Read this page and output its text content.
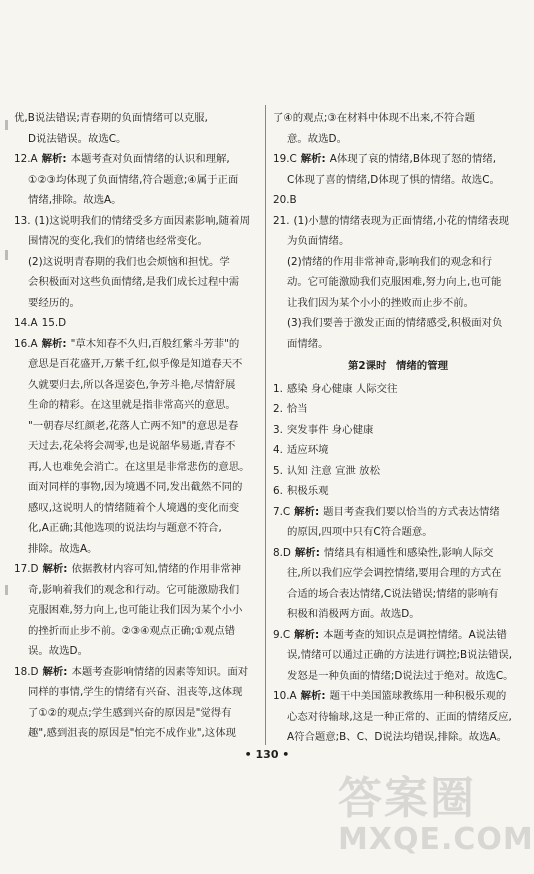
优,B说法错误;青春期的负面情绪可以克服,

D说法错误。故选C。

12.A 解析: 本题考查对负面情绪的认识和理解,

①②③均体现了负面情绪,符合题意;④属于正面

情绪,排除。故选A。

13. (1)这说明我们的情绪受多方面因素影响,随着周

围情况的变化,我们的情绪也经常变化。

(2)这说明青春期的我们也会烦恼和担忧。学

会积极面对这些负面情绪,是我们成长过程中需

要经历的。

14.A 15.D

16.A 解析: "草木知春不久归,百般红紫斗芳菲"的

意思是百花盛开,万紫千红,似乎像是知道春天不

久就要归去,所以各逞姿色,争芳斗艳,尽情舒展

生命的精彩。在这里就是指非常高兴的意思。

"一朝春尽红颜老,花落人亡两不知"的意思是春

天过去,花朵将会凋零,也是说韶华易逝,青春不

再,人也难免会消亡。在这里是非常悲伤的意思。

面对同样的事物,因为境遇不同,发出截然不同的

感叹,这说明人的情绪随着个人境遇的变化而变

化,A正确;其他选项的说法均与题意不符合,

排除。故选A。

17.D 解析: 依据教材内容可知,情绪的作用非常神

奇,影响着我们的观念和行动。它可能激励我们

克服困难,努力向上,也可能让我们因为某个小小

的挫折而止步不前。②③④观点正确;①观点错

误。故选D。

18.D 解析: 本题考查影响情绪的因素等知识。面对

同样的事情,学生的情绪有兴奋、沮丧等,这体现

了①②的观点;学生感到兴奋的原因是"觉得有

趣",感到沮丧的原因是"怕完不成作业",这体现

了④的观点;③在材料中体现不出来,不符合题

意。故选D。

19.C 解析: A体现了哀的情绪,B体现了怒的情绪,

C体现了喜的情绪,D体现了惧的情绪。故选C。

20.B

21. (1)小慧的情绪表现为正面情绪,小花的情绪表现

为负面情绪。

(2)情绪的作用非常神奇,影响我们的观念和行

动。它可能激励我们克服困难,努力向上,也可能

让我们因为某个小小的挫败而止步不前。

(3)我们要善于激发正面的情绪感受,积极面对负

面情绪。

第2课时 情绪的管理

1. 感染 身心健康 人际交往

2. 恰当

3. 突发事件 身心健康

4. 适应环境

5. 认知 注意 宣泄 放松

6. 积极乐观

7.C 解析: 题目考查我们要以恰当的方式表达情绪

的原因,四项中只有C符合题意。

8.D 解析: 情绪具有相通性和感染性,影响人际交

往,所以我们应学会调控情绪,要用合理的方式在

合适的场合表达情绪,C说法错误;情绪的影响有

积极和消极两方面。故选D。

9.C 解析: 本题考查的知识点是调控情绪。A说法错

误,情绪可以通过正确的方法进行调控;B说法错误,

发怒是一种负面的情绪;D说法过于绝对。故选C。

10.A 解析: 题干中美国篮球教练用一种积极乐观的

心态对待输球,这是一种正常的、正面的情绪反应,

A符合题意;B、C、D说法均错误,排除。故选A。

• 130 •
答案圈
MXQE.COM
